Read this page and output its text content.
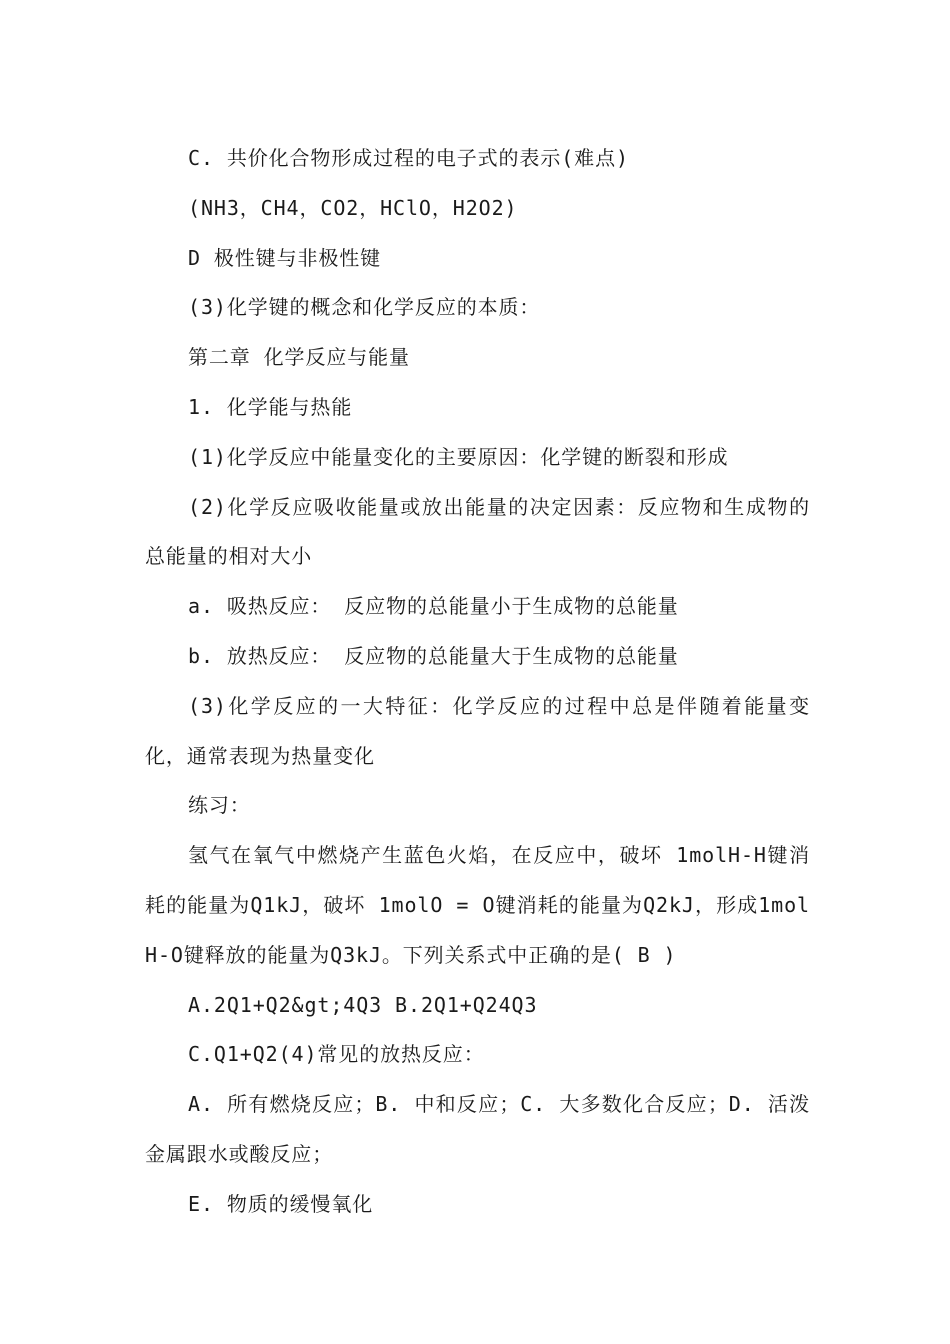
C. 共价化合物形成过程的电子式的表示(难点)

(NH3，CH4，CO2，HClO，H2O2)

D 极性键与非极性键

(3)化学键的概念和化学反应的本质：

第二章 化学反应与能量

1. 化学能与热能

(1)化学反应中能量变化的主要原因：化学键的断裂和形成

(2)化学反应吸收能量或放出能量的决定因素：反应物和生成物的总能量的相对大小

a. 吸热反应： 反应物的总能量小于生成物的总能量

b. 放热反应： 反应物的总能量大于生成物的总能量

(3)化学反应的一大特征：化学反应的过程中总是伴随着能量变化，通常表现为热量变化

练习：

氢气在氧气中燃烧产生蓝色火焰，在反应中，破坏 1molH-H键消耗的能量为Q1kJ，破坏 1molO = O键消耗的能量为Q2kJ，形成1molH-O键释放的能量为Q3kJ。下列关系式中正确的是( B )

A.2Q1+Q2&gt;4Q3 B.2Q1+Q24Q3

C.Q1+Q2(4)常见的放热反应：

A. 所有燃烧反应；B. 中和反应；C. 大多数化合反应；D. 活泼金属跟水或酸反应；

E. 物质的缓慢氧化
